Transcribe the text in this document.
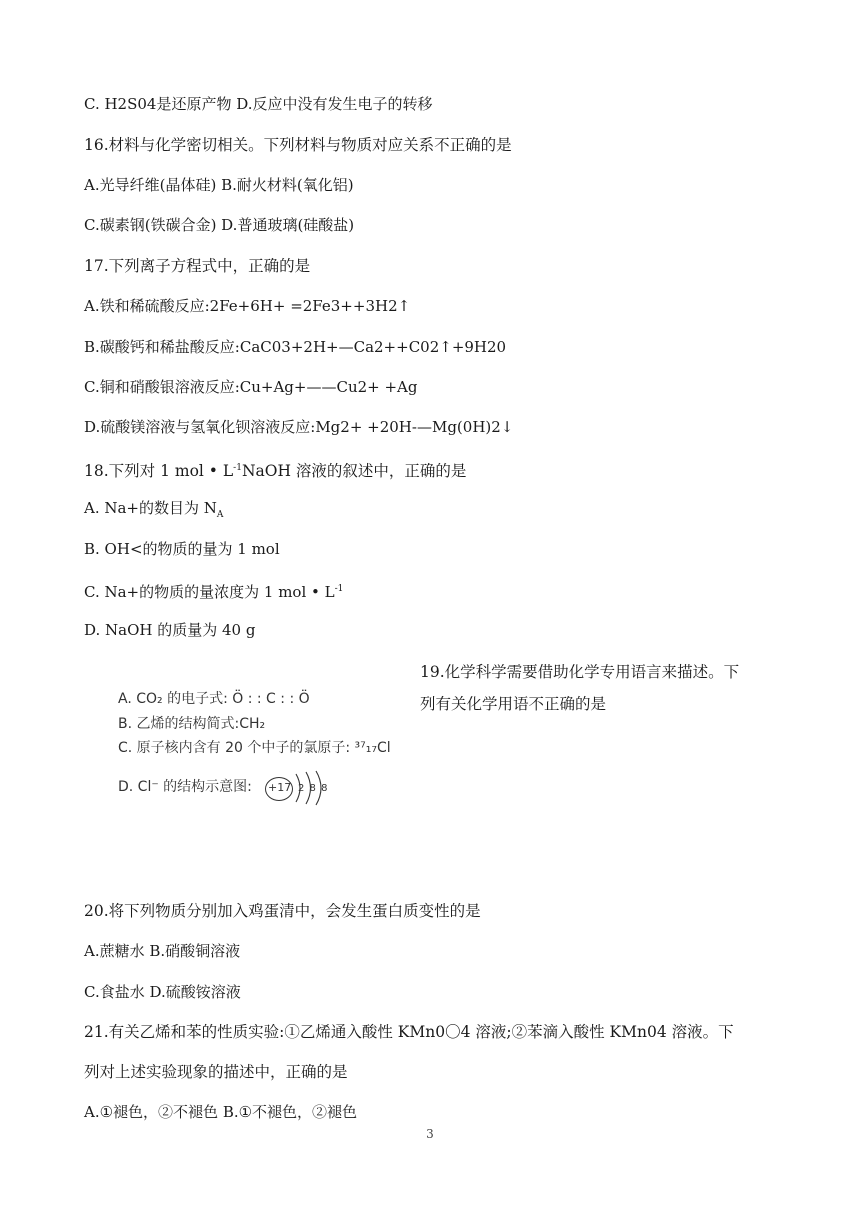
C. H2S04是还原产物 D.反应中没有发生电子的转移
16.材料与化学密切相关。下列材料与物质对应关系不正确的是
A.光导纤维(晶体硅) B.耐火材料(氧化铝)
C.碳素钢(铁碳合金) D.普通玻璃(硅酸盐)
17.下列离子方程式中，正确的是
A.铁和稀硫酸反应:2Fe+6H+ =2Fe3++3H2↑
B.碳酸钙和稀盐酸反应:CaC03+2H+—Ca2++C02↑+9H20
C.铜和硝酸银溶液反应:Cu+Ag+——Cu2+ +Ag
D.硫酸镁溶液与氢氧化钡溶液反应:Mg2+ +20H-—Mg(0H)2↓
18.下列对 1 mol • $L^{-1}NaOH$ 溶液的叙述中，正确的是
A. Na+的数目为 $N_A$
B. OH<的物质的量为 1 mol
C. Na+的物质的量浓度为 1 mol • $L^{-1}$
D. NaOH 的质量为 40 g
A. CO₂ 的电子式: Ö : : C : : Ö
B. 乙烯的结构简式:CH₂
C. 原子核内含有 20 个中子的氯原子: ³⁷₁₇Cl
D. Cl⁻ 的结构示意图: +17 2 8 8
19.化学科学需要借助化学专用语言来描述。下
列有关化学用语不正确的是
20.将下列物质分别加入鸡蛋清中，会发生蛋白质变性的是
A.蔗糖水 B.硝酸铜溶液
C.食盐水 D.硫酸铵溶液
21.有关乙烯和苯的性质实验:①乙烯通入酸性 KMn0〇4 溶液;②苯滴入酸性 KMn04 溶液。下
列对上述实验现象的描述中，正确的是
A.①褪色，②不褪色 B.①不褪色，②褪色
3
